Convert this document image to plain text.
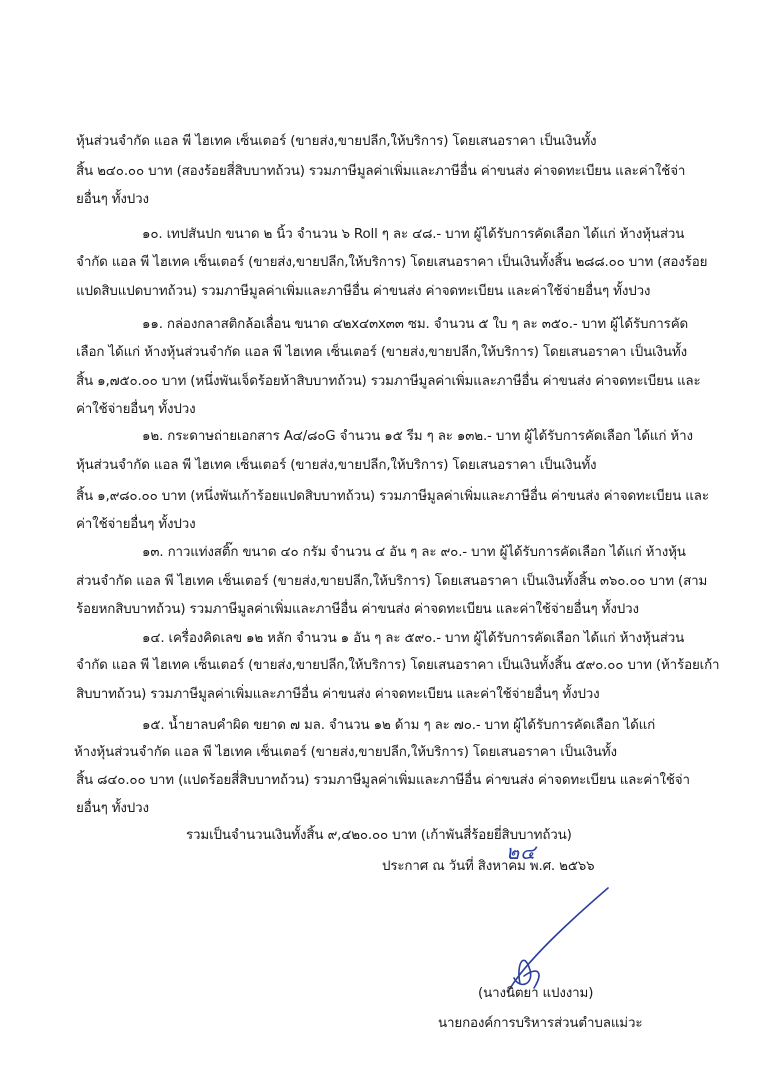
หุ้นส่วนจำกัด แอล พี ไฮเทค เซ็นเตอร์ (ขายส่ง,ขายปลีก,ให้บริการ) โดยเสนอราคา เป็นเงินทั้ง
สิ้น ๒๔๐.๐๐ บาท (สองร้อยสี่สิบบาทถ้วน) รวมภาษีมูลค่าเพิ่มและภาษีอื่น ค่าขนส่ง ค่าจดทะเบียน และค่าใช้จ่า
ยอื่นๆ ทั้งปวง
๑๐. เทปสันปก ขนาด ๒ นิ้ว จำนวน ๖ Roll ๆ ละ ๔๘.- บาท ผู้ได้รับการคัดเลือก ได้แก่ ห้างหุ้นส่วน
จำกัด แอล พี ไฮเทค เซ็นเตอร์ (ขายส่ง,ขายปลีก,ให้บริการ) โดยเสนอราคา เป็นเงินทั้งสิ้น ๒๘๘.๐๐ บาท (สองร้อย
แปดสิบแปดบาทถ้วน) รวมภาษีมูลค่าเพิ่มและภาษีอื่น ค่าขนส่ง ค่าจดทะเบียน และค่าใช้จ่ายอื่นๆ ทั้งปวง
๑๑. กล่องกลาสติกล้อเลื่อน ขนาด ๔๒x๔๓x๓๓ ซม. จำนวน ๕ ใบ ๆ ละ ๓๕๐.- บาท ผู้ได้รับการคัด
เลือก ได้แก่ ห้างหุ้นส่วนจำกัด แอล พี ไฮเทค เซ็นเตอร์ (ขายส่ง,ขายปลีก,ให้บริการ) โดยเสนอราคา เป็นเงินทั้ง
สิ้น ๑,๗๕๐.๐๐ บาท (หนึ่งพันเจ็ดร้อยห้าสิบบาทถ้วน) รวมภาษีมูลค่าเพิ่มและภาษีอื่น ค่าขนส่ง ค่าจดทะเบียน และ
ค่าใช้จ่ายอื่นๆ ทั้งปวง
๑๒. กระดาษถ่ายเอกสาร A๔/๘๐G จำนวน ๑๕ รีม ๆ ละ ๑๓๒.- บาท ผู้ได้รับการคัดเลือก ได้แก่ ห้าง
หุ้นส่วนจำกัด แอล พี ไฮเทค เซ็นเตอร์ (ขายส่ง,ขายปลีก,ให้บริการ) โดยเสนอราคา เป็นเงินทั้ง
สิ้น ๑,๙๘๐.๐๐ บาท (หนึ่งพันเก้าร้อยแปดสิบบาทถ้วน) รวมภาษีมูลค่าเพิ่มและภาษีอื่น ค่าขนส่ง ค่าจดทะเบียน และ
ค่าใช้จ่ายอื่นๆ ทั้งปวง
๑๓. กาวแท่งสติ๊ก ขนาด ๔๐ กรัม จำนวน ๔ อัน ๆ ละ ๙๐.- บาท ผู้ได้รับการคัดเลือก ได้แก่ ห้างหุ้น
ส่วนจำกัด แอล พี ไฮเทค เซ็นเตอร์ (ขายส่ง,ขายปลีก,ให้บริการ) โดยเสนอราคา เป็นเงินทั้งสิ้น ๓๖๐.๐๐ บาท (สาม
ร้อยหกสิบบาทถ้วน) รวมภาษีมูลค่าเพิ่มและภาษีอื่น ค่าขนส่ง ค่าจดทะเบียน และค่าใช้จ่ายอื่นๆ ทั้งปวง
๑๔. เครื่องคิดเลข ๑๒ หลัก จำนวน ๑ อัน ๆ ละ ๕๙๐.- บาท ผู้ได้รับการคัดเลือก ได้แก่ ห้างหุ้นส่วน
จำกัด แอล พี ไฮเทค เซ็นเตอร์ (ขายส่ง,ขายปลีก,ให้บริการ) โดยเสนอราคา เป็นเงินทั้งสิ้น ๕๙๐.๐๐ บาท (ห้าร้อยเก้า
สิบบาทถ้วน) รวมภาษีมูลค่าเพิ่มและภาษีอื่น ค่าขนส่ง ค่าจดทะเบียน และค่าใช้จ่ายอื่นๆ ทั้งปวง
๑๕. น้ำยาลบคำผิด ขยาด ๗ มล. จำนวน ๑๒ ด้าม ๆ ละ ๗๐.- บาท ผู้ได้รับการคัดเลือก ได้แก่
ห้างหุ้นส่วนจำกัด แอล พี ไฮเทค เซ็นเตอร์ (ขายส่ง,ขายปลีก,ให้บริการ) โดยเสนอราคา เป็นเงินทั้ง
สิ้น ๘๔๐.๐๐ บาท (แปดร้อยสี่สิบบาทถ้วน) รวมภาษีมูลค่าเพิ่มและภาษีอื่น ค่าขนส่ง ค่าจดทะเบียน และค่าใช้จ่า
ยอื่นๆ ทั้งปวง
รวมเป็นจำนวนเงินทั้งสิ้น ๙,๔๒๐.๐๐ บาท (เก้าพันสี่ร้อยยี่สิบบาทถ้วน)
ประกาศ ณ วันที่ สิงหาคม พ.ศ. ๒๕๖๖
๒๔
(นางนิตยา แปงงาม)
นายกองค์การบริหารส่วนตำบลแม่วะ
